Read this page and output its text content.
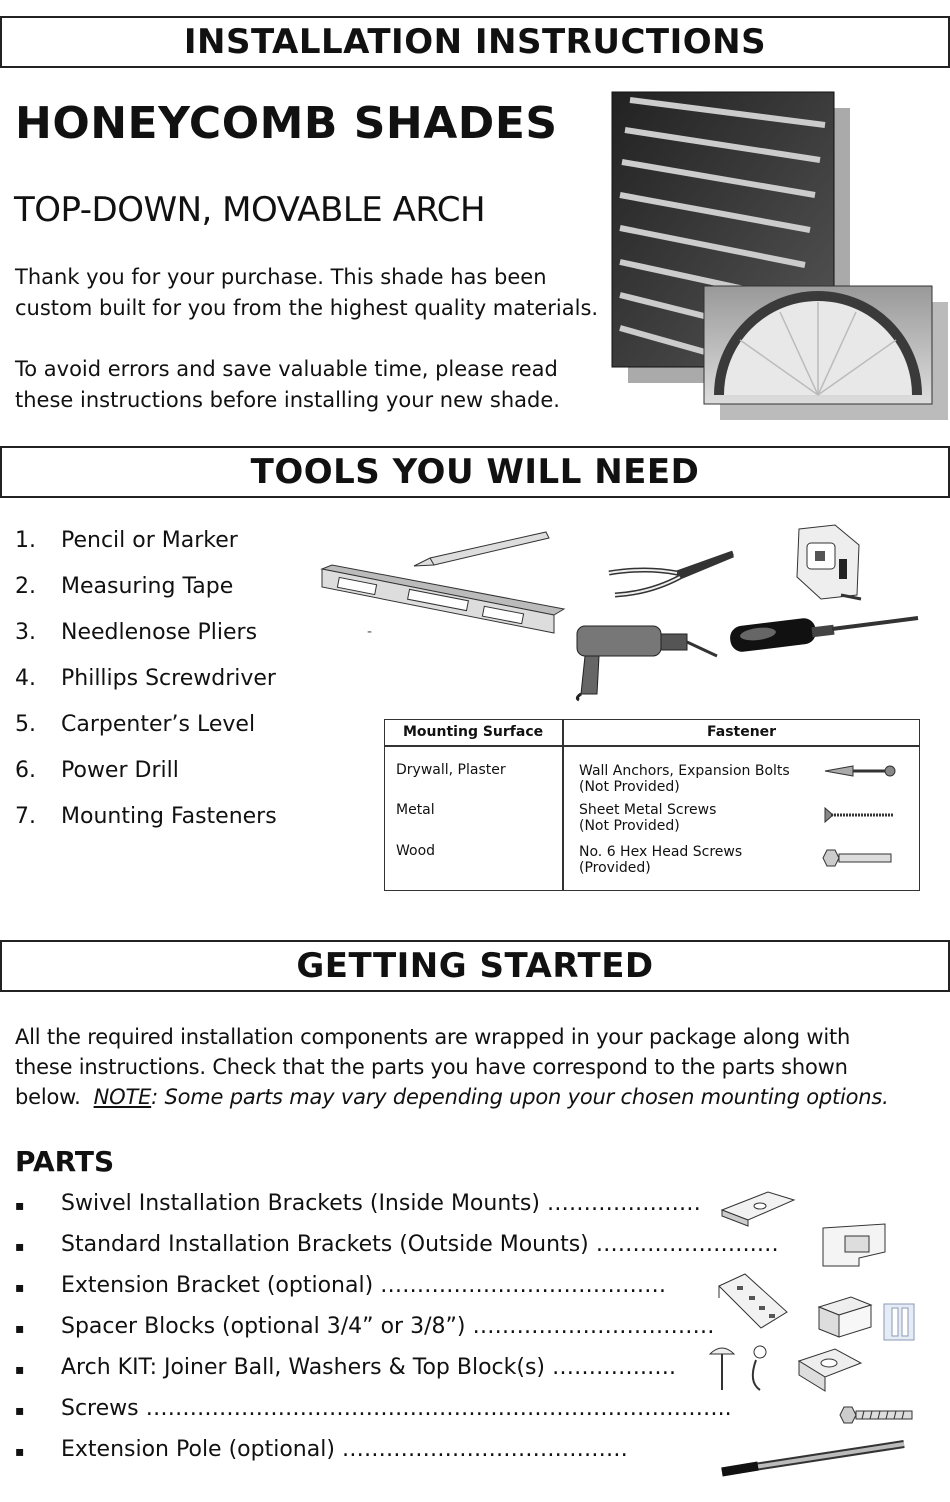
INSTALLATION INSTRUCTIONS
HONEYCOMB SHADES
TOP-DOWN, MOVABLE ARCH
Thank you for your purchase. This shade has been
custom built for you from the highest quality materials.
To avoid errors and save valuable time, please read
these instructions before installing your new shade.
TOOLS YOU WILL NEED
1. Pencil or Marker
2. Measuring Tape
3. Needlenose Pliers
4. Phillips Screwdriver
5. Carpenter’s Level
6. Power Drill
7. Mounting Fasteners
-
Mounting Surface	Fastener
Drywall, Plaster	Wall Anchors, Expansion Bolts
(Not Provided)
Metal	Sheet Metal Screws
(Not Provided)
Wood	No. 6 Hex Head Screws
(Provided)
GETTING STARTED
All the required installation components are wrapped in your package along with
these instructions. Check that the parts you have correspond to the parts shown
below.  NOTE: Some parts may vary depending upon your chosen mounting options.
PARTS
▪ Swivel Installation Brackets (Inside Mounts) …………………
▪ Standard Installation Brackets (Outside Mounts) ………………….…
▪ Extension Bracket (optional) …………………………………
▪ Spacer Blocks (optional 3/4” or 3/8”) ……………………………
▪ Arch KIT: Joiner Ball, Washers & Top Block(s) ………….….
▪ Screws ……………………………………………………………………..
▪ Extension Pole (optional) …………………………………
